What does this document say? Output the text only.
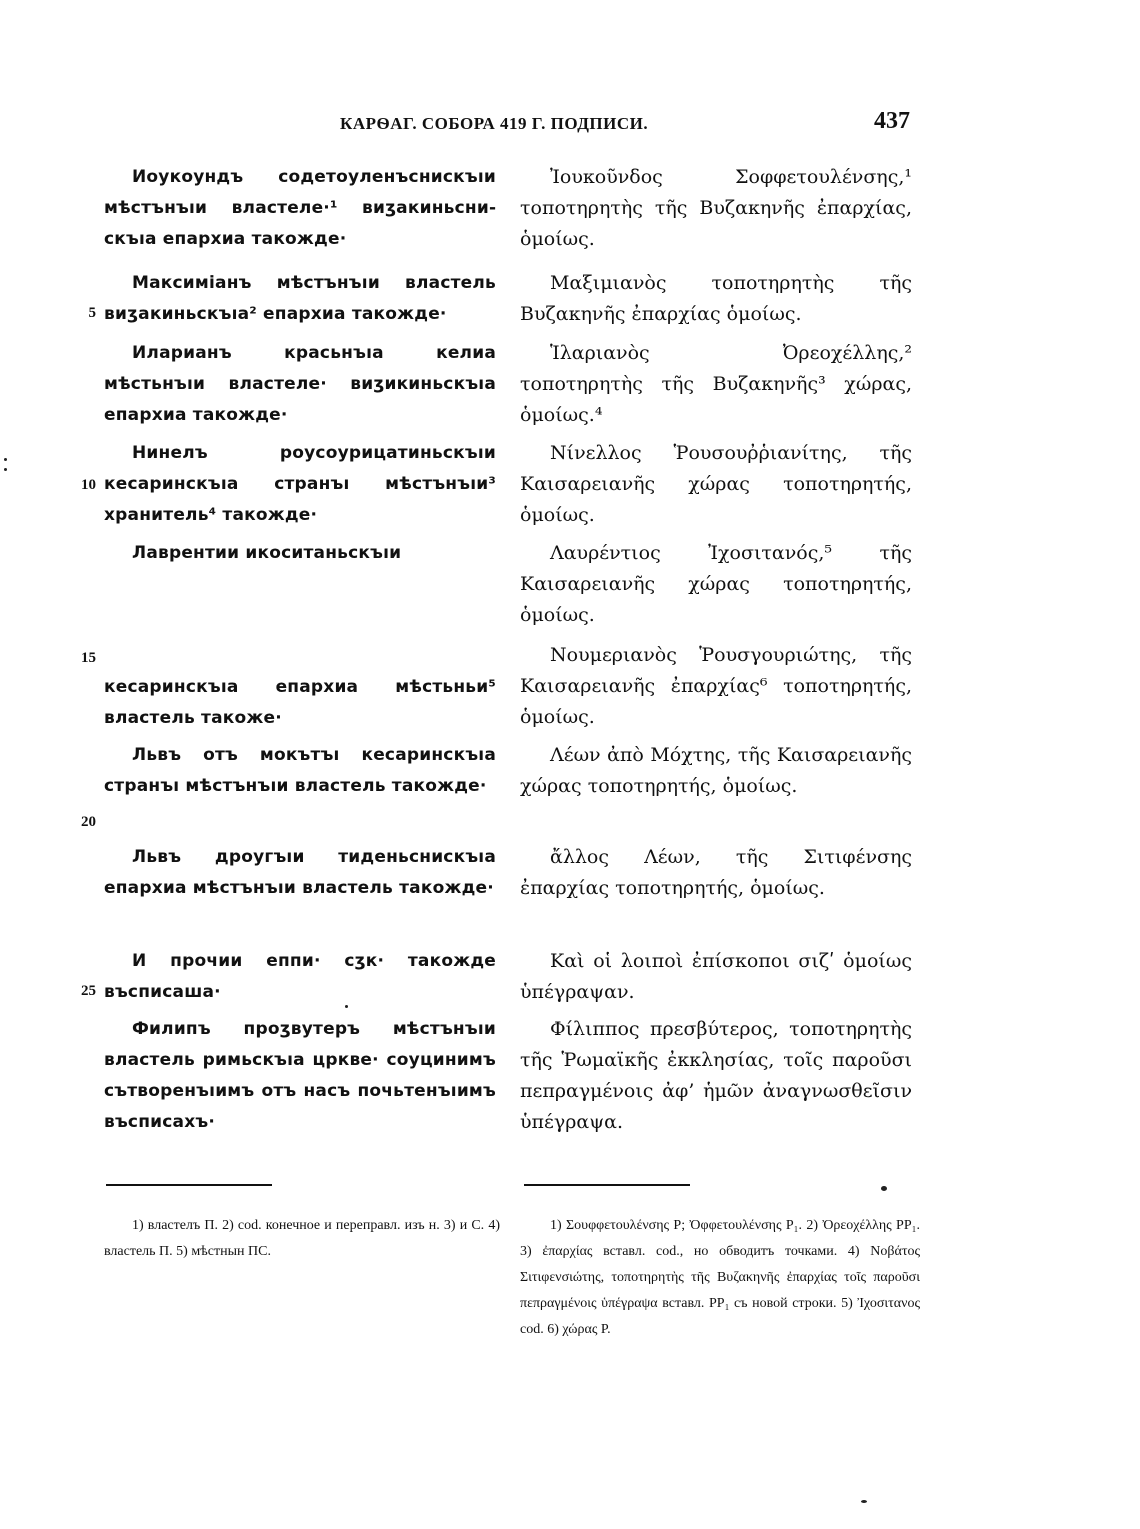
КАРѲАГ. СОБОРА 419 Г. ПОДПИСИ.	437
5
10
15
20
25

Иоукоундъ содетоуленъснискъıи мѣстънъıи властеле·¹ виӡакиньснискъıа епархиа такожде·

Максиміанъ мѣстънъıи властель виӡакиньскъıа² епархиа такожде·

Иларианъ красьнъıа келиа мѣстьнъıи властеле· виӡикиньскъıа епархиа такожде·

Нинелъ роусоурицатиньскъıи кесаринскъıа странъı мѣстънъıи³ хранитель⁴ такожде·

Лаврентии икоситаньскъıи

кесаринскъıа епархиа мѣстьньи⁵ властель такоже·

Львъ отъ мокътъı кесаринскъıа странъı мѣстънъıи властель такожде·

Львъ дроугъıи тиденьснискъıа епархиа мѣстънъıи властель такожде·

И прочии еппи· сӡк· такожде въсписаша·

Филипъ проӡвутеръ мѣстънъıи властель римьскъıа цркве· соуцинимъ сътворенъıимъ отъ насъ почьтенъıимъ въсписахъ·

Ἰουκοῦνδος Σοφφετουλένσης,¹ τοποτηρητὴς τῆς Βυζακηνῆς ἐπαρχίας, ὁμοίως.

Μαξιμιανὸς τοποτηρητὴς τῆς Βυζακηνῆς ἐπαρχίας ὁμοίως.

Ἱλαριανὸς Ὀρεοχέλλης,² τοποτηρητὴς τῆς Βυζακηνῆς³ χώρας, ὁμοίως.⁴

Νίνελλος Ῥουσουῤῥιανίτης, τῆς Καισαρειανῆς χώρας τοποτηρητής, ὁμοίως.

Λαυρέντιος Ἰχοσιτανός,⁵ τῆς Καισαρειανῆς χώρας τοποτηρητής, ὁμοίως.

Νουμεριανὸς Ῥουσγουριώτης, τῆς Καισαρειανῆς ἐπαρχίας⁶ τοποτηρητής, ὁμοίως.

Λέων ἀπὸ Μόχτης, τῆς Καισαρειανῆς χώρας τοποτηρητής, ὁμοίως.

ἄλλος Λέων, τῆς Σιτιφένσης ἐπαρχίας τοποτηρητής, ὁμοίως.

Καὶ οἱ λοιποὶ ἐπίσκοποι σιζʹ ὁμοίως ὑπέγραψαν.

Φίλιππος πρεσβύτερος, τοποτηρητὴς τῆς Ῥωμαϊκῆς ἐκκλησίας, τοῖς παροῦσι πεπραγμένοις ἀφ’ ἡμῶν ἀναγνωσθεῖσιν ὑπέγραψα.

1) властелъ П. 2) cod. конечное и переправл. изъ н. 3) и С. 4) властель П. 5) мѣстнын ПС.
1) Σουφφετουλένσης P; Ὀφφετουλένσης P₁. 2) Ὀρεοχέλλης PP₁. 3) ἐπαρχίας вставл. cod., но обводитъ точками. 4) Νοβάτος Σιτιφενσιώτης, τοποτηρητὴς τῆς Βυζακηνῆς ἐπαρχίας τοῖς παροῦσι πεπραγμένοις ὑπέγραψα вставл. PP₁ съ новой строки. 5) Ἰχοσιτανος cod. 6) χώρας P.
